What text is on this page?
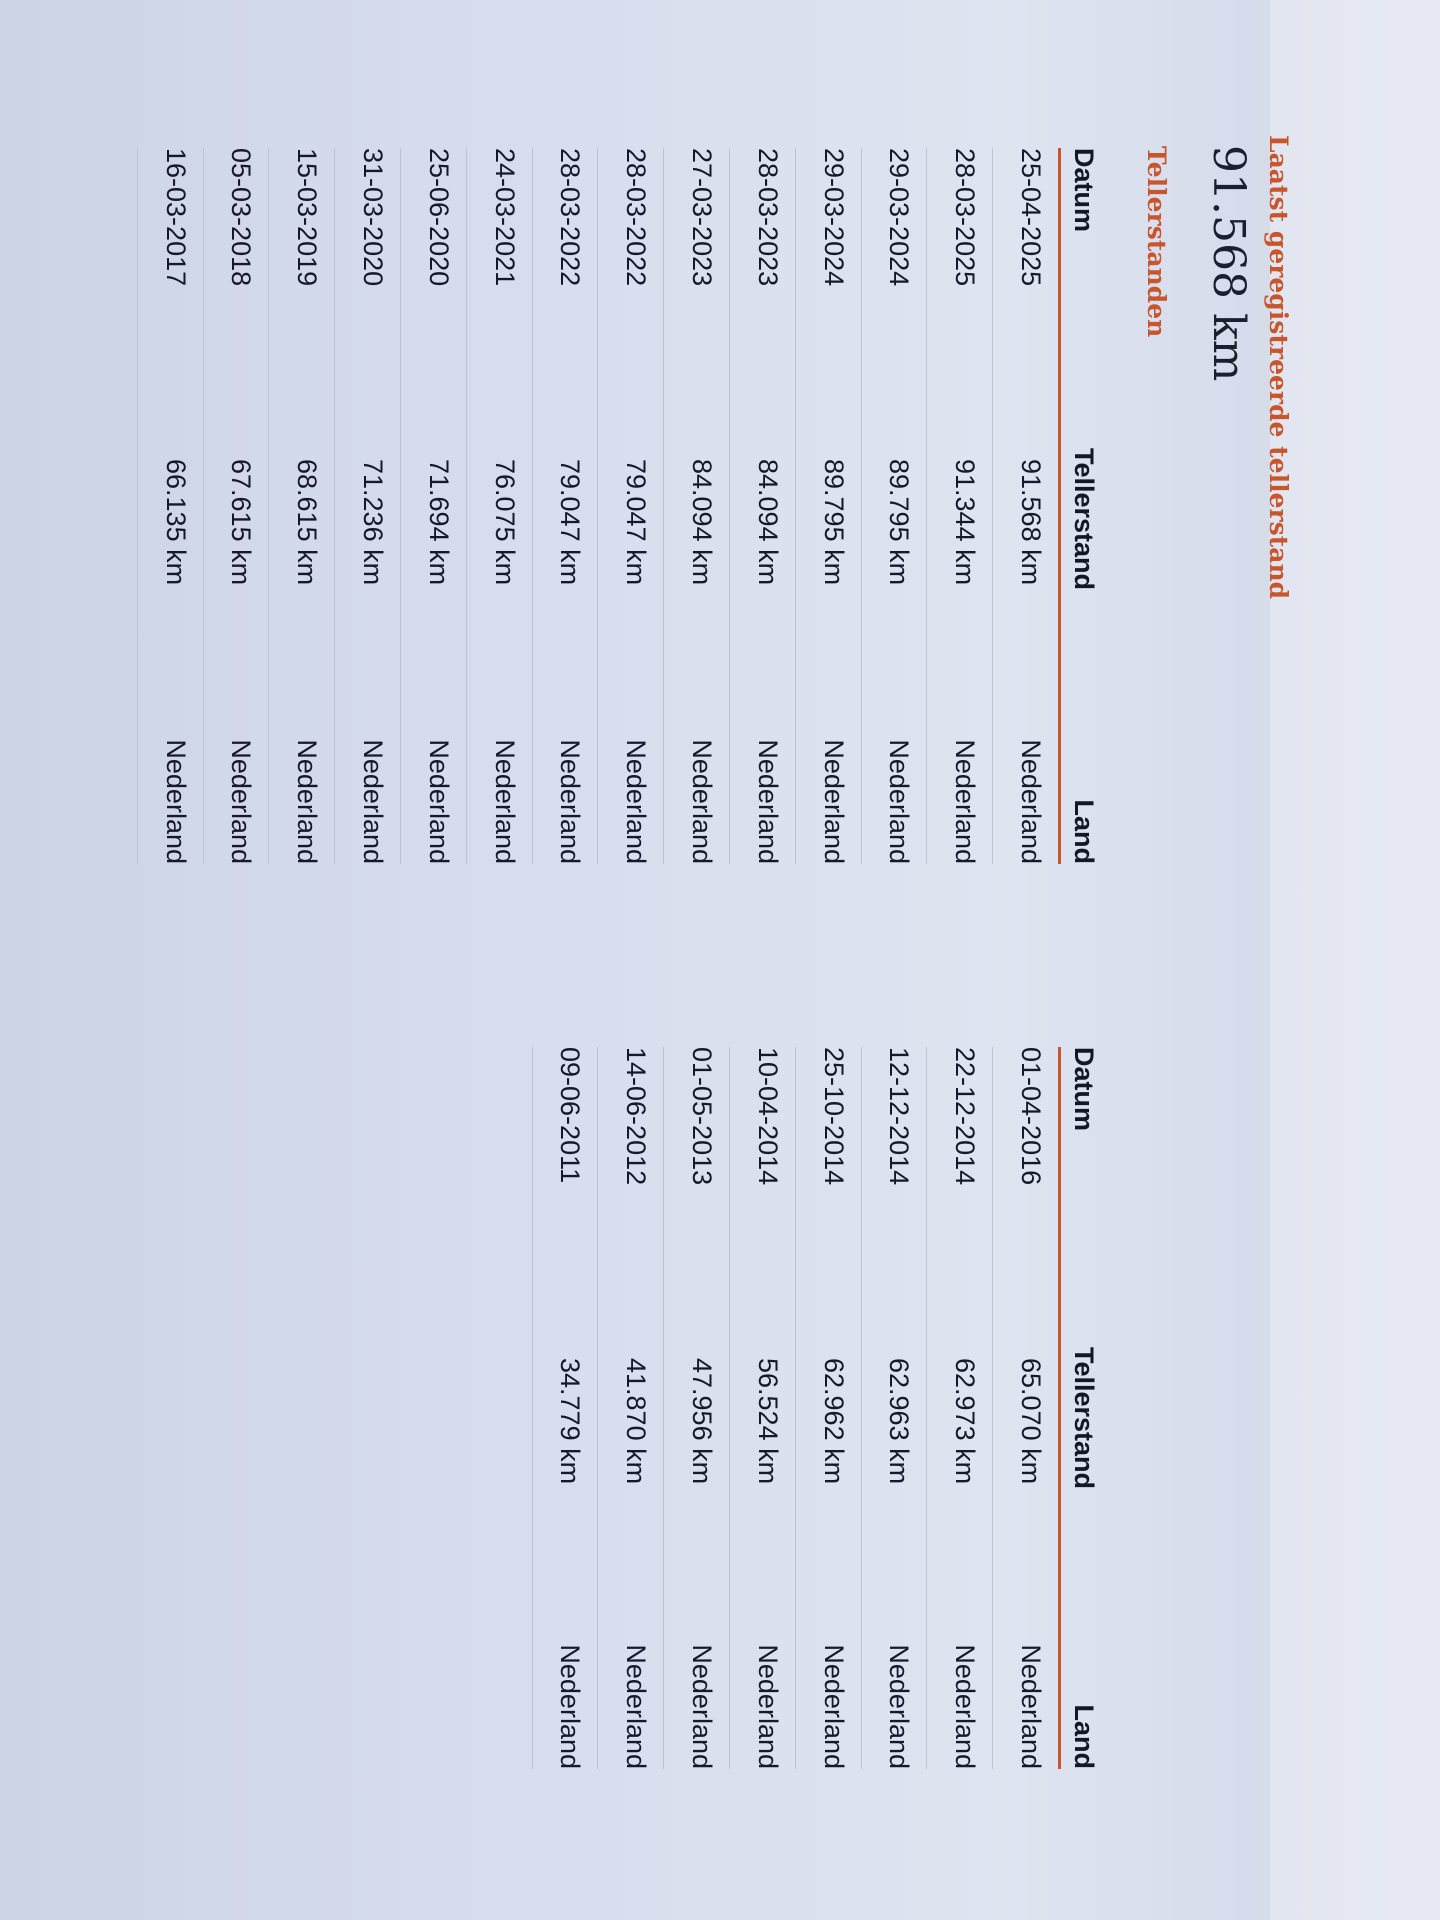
Laatst geregistreerde tellerstand
91.568 km
Tellerstanden
Datum
Tellerstand
Land
25-04-2025
91.568 km
Nederland
28-03-2025
91.344 km
Nederland
29-03-2024
89.795 km
Nederland
29-03-2024
89.795 km
Nederland
28-03-2023
84.094 km
Nederland
27-03-2023
84.094 km
Nederland
28-03-2022
79.047 km
Nederland
28-03-2022
79.047 km
Nederland
24-03-2021
76.075 km
Nederland
25-06-2020
71.694 km
Nederland
31-03-2020
71.236 km
Nederland
15-03-2019
68.615 km
Nederland
05-03-2018
67.615 km
Nederland
16-03-2017
66.135 km
Nederland
Datum
Tellerstand
Land
01-04-2016
65.070 km
Nederland
22-12-2014
62.973 km
Nederland
12-12-2014
62.963 km
Nederland
25-10-2014
62.962 km
Nederland
10-04-2014
56.524 km
Nederland
01-05-2013
47.956 km
Nederland
14-06-2012
41.870 km
Nederland
09-06-2011
34.779 km
Nederland
